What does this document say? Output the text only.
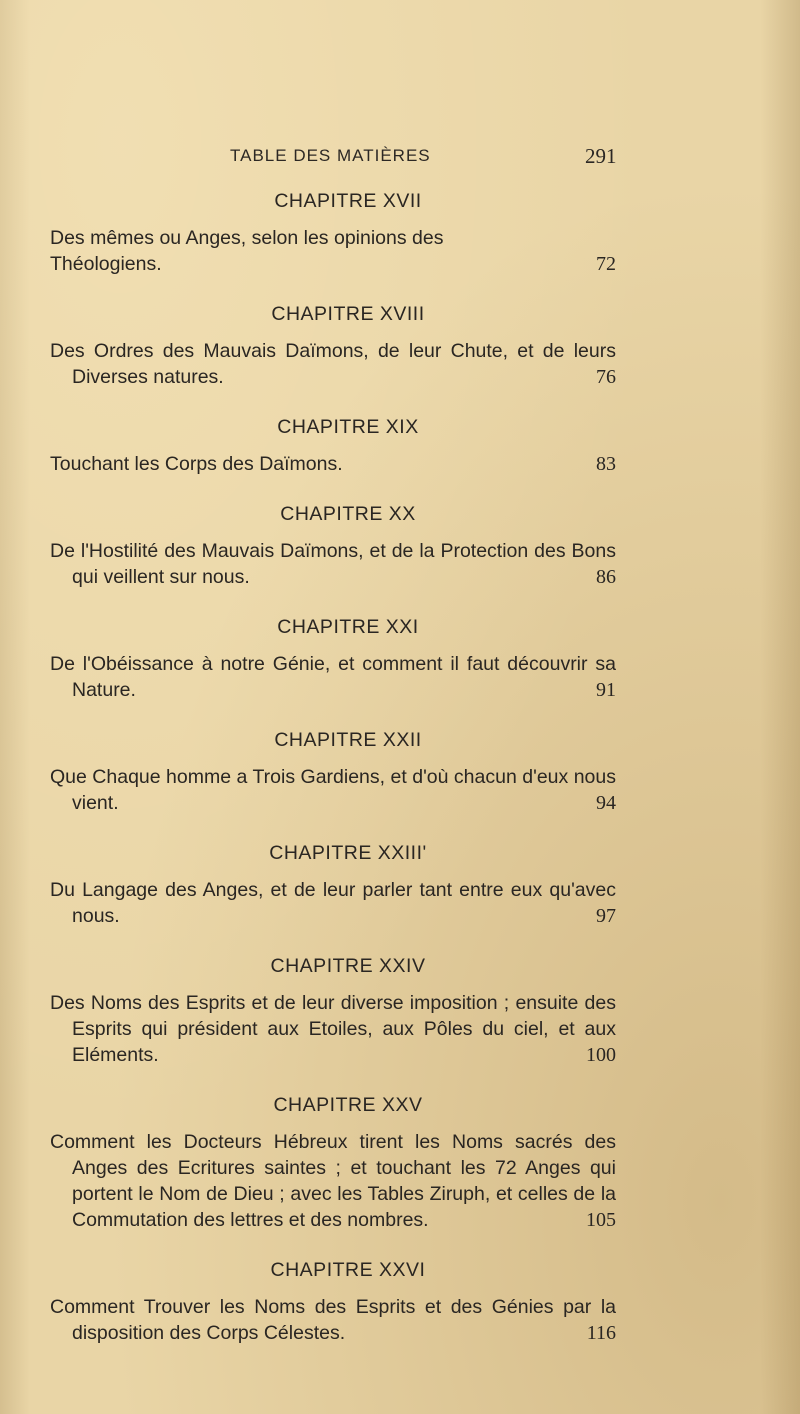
TABLE DES MATIÈRES	291
CHAPITRE XVII
Des mêmes ou Anges, selon les opinions des Théologiens.	72
CHAPITRE XVIII
Des Ordres des Mauvais Daïmons, de leur Chute, et de leurs Diverses natures.	76
CHAPITRE XIX
Touchant les Corps des Daïmons.	83
CHAPITRE XX
De l'Hostilité des Mauvais Daïmons, et de la Protection des Bons qui veillent sur nous.	86
CHAPITRE XXI
De l'Obéissance à notre Génie, et comment il faut découvrir sa Nature.	91
CHAPITRE XXII
Que Chaque homme a Trois Gardiens, et d'où chacun d'eux nous vient.	94
CHAPITRE XXIII'
Du Langage des Anges, et de leur parler tant entre eux qu'avec nous.	97
CHAPITRE XXIV
Des Noms des Esprits et de leur diverse imposition ; ensuite des Esprits qui président aux Etoiles, aux Pôles du ciel, et aux Eléments.	100
CHAPITRE XXV
Comment les Docteurs Hébreux tirent les Noms sacrés des Anges des Ecritures saintes ; et touchant les 72 Anges qui portent le Nom de Dieu ; avec les Tables Ziruph, et celles de la Commutation des lettres et des nombres.	105
CHAPITRE XXVI
Comment Trouver les Noms des Esprits et des Génies par la disposition des Corps Célestes.	116
